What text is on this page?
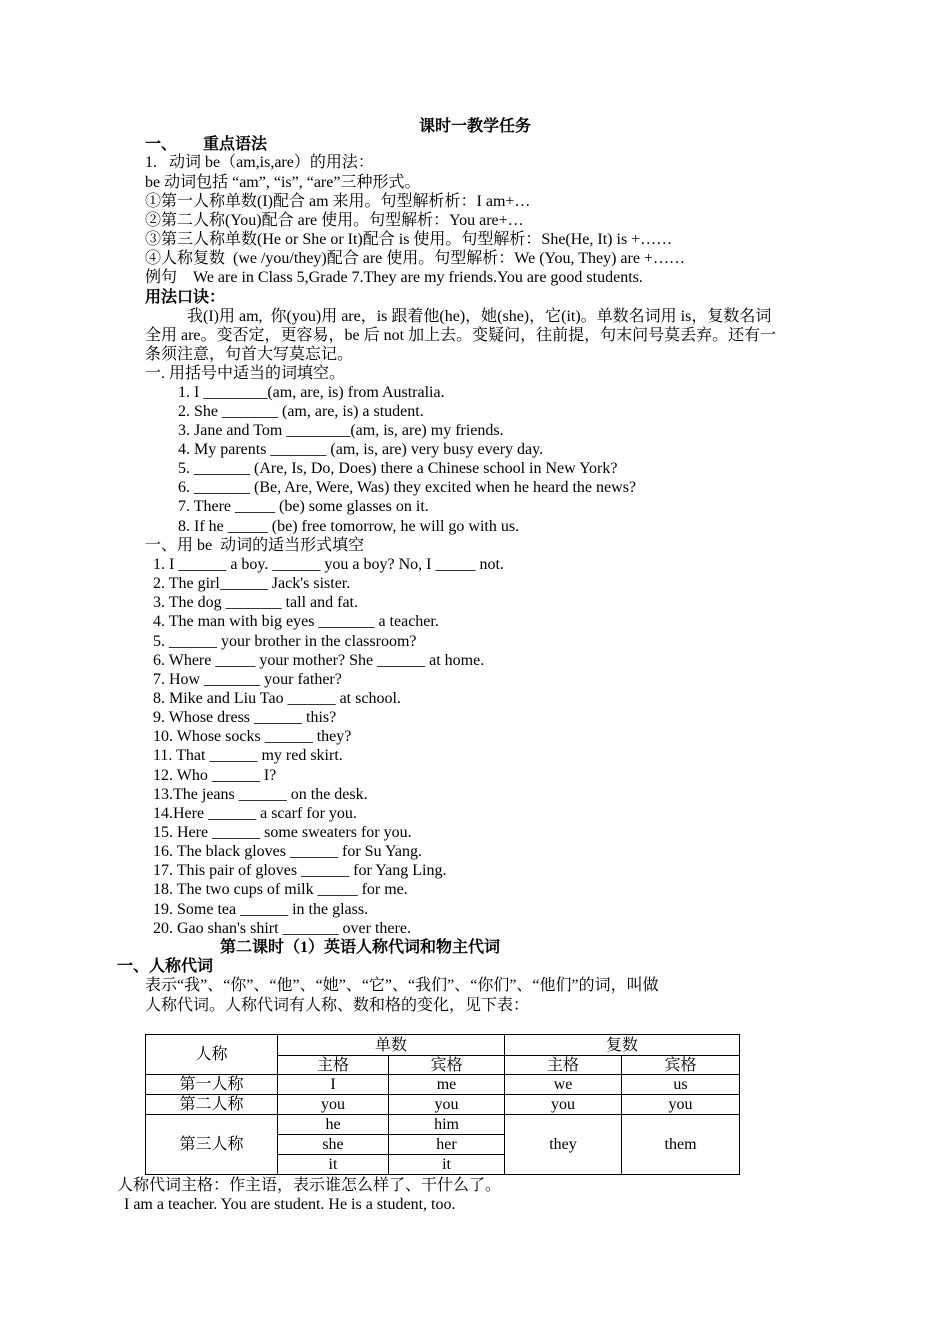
课时一教学任务
一、 重点语法
1.   动词 be（am,is,are）的用法：
be 动词包括 “am”, “is”, “are”三种形式。
①第一人称单数(I)配合 am 来用。句型解析析：I am+…
②第二人称(You)配合 are 使用。句型解析：You are+…
③第三人称单数(He or She or It)配合 is 使用。句型解析：She(He, It) is +……
④人称复数  (we /you/they)配合 are 使用。句型解析：We (You, They) are +……
例句    We are in Class 5,Grade 7.They are my friends.You are good students.
用法口诀：
我(I)用 am,  你(you)用 are，is 跟着他(he)，她(she)，它(it)。单数名词用 is，复数名词
全用 are。变否定，更容易，be 后 not 加上去。变疑问，往前提，句末问号莫丢弃。还有一
条须注意，句首大写莫忘记。
一. 用括号中适当的词填空。
1. I ________(am, are, is) from Australia.
2. She _______ (am, are, is) a student.
3. Jane and Tom ________(am, is, are) my friends.
4. My parents _______ (am, is, are) very busy every day.
5. _______ (Are, Is, Do, Does) there a Chinese school in New York?
6. _______ (Be, Are, Were, Was) they excited when he heard the news?
7. There _____ (be) some glasses on it.
8. If he _____ (be) free tomorrow, he will go with us.
一、用 be  动词的适当形式填空
1. I ______ a boy. ______ you a boy? No, I _____ not.
2. The girl______ Jack's sister.
3. The dog _______ tall and fat.
4. The man with big eyes _______ a teacher.
5. ______ your brother in the classroom?
6. Where _____ your mother? She ______ at home.
7. How _______ your father?
8. Mike and Liu Tao ______ at school.
9. Whose dress ______ this?
10. Whose socks ______ they?
11. That ______ my red skirt.
12. Who ______ I?
13.The jeans ______ on the desk.
14.Here ______ a scarf for you.
15. Here ______ some sweaters for you.
16. The black gloves ______ for Su Yang.
17. This pair of gloves ______ for Yang Ling.
18. The two cups of milk _____ for me.
19. Some tea ______ in the glass.
20. Gao shan's shirt _______ over there.
第二课时（1）英语人称代词和物主代词
一、人称代词
表示“我”、“你”、“他”、“她”、“它”、“我们”、“你们”、“他们”的词，叫做
人称代词。人称代词有人称、数和格的变化，见下表：
人称	单数		复数	
	主格	宾格	主格	宾格
第一人称	I	me	we	us
第二人称	you	you	you	you
第三人称	he	him	they	them
	she	her		
	it	it		
人称代词主格：作主语，表示谁怎么样了、干什么了。
I am a teacher. You are student. He is a student, too.
